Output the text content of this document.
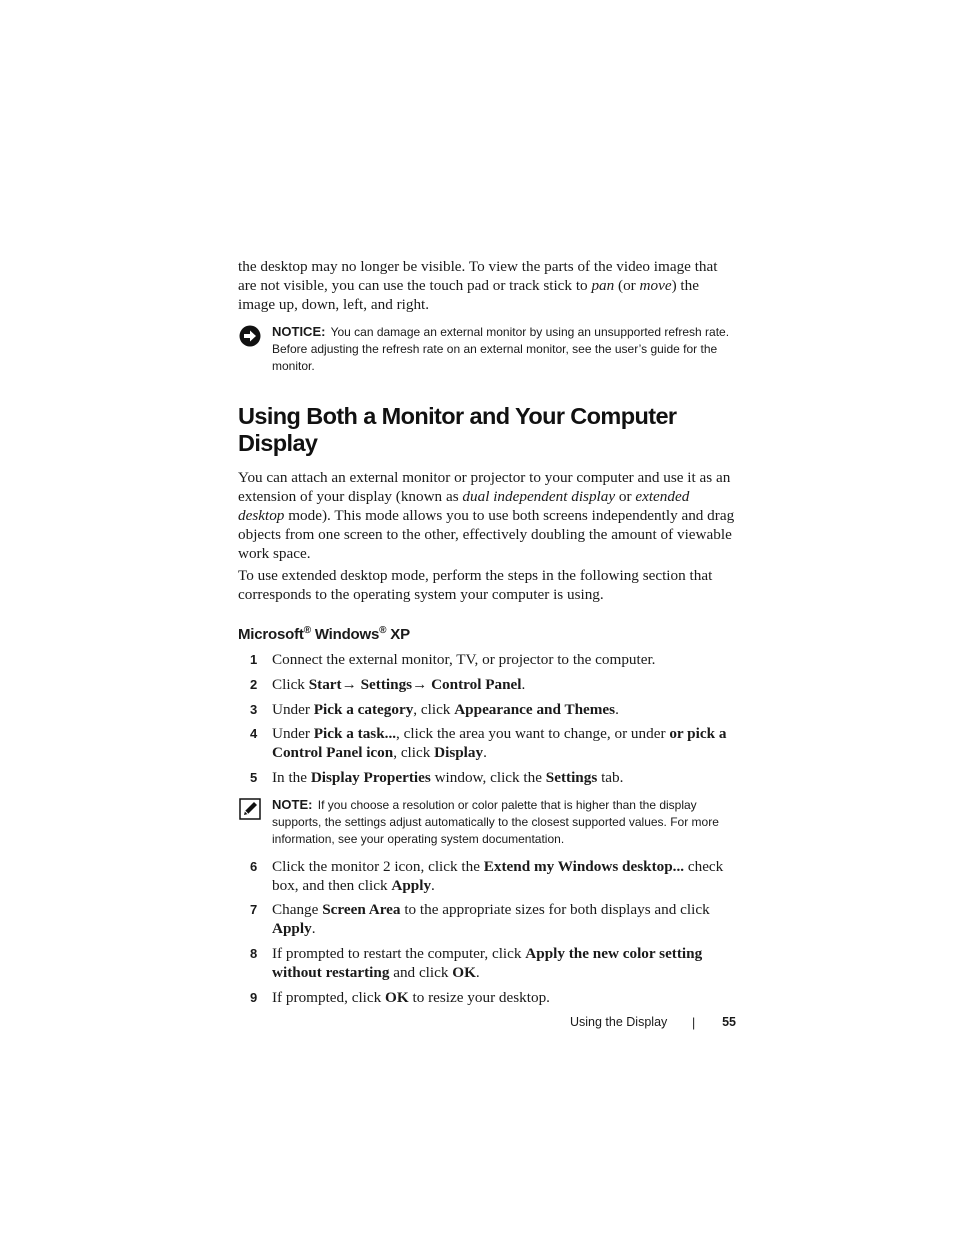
the desktop may no longer be visible. To view the parts of the video image that are not visible, you can use the touch pad or track stick to pan (or move) the image up, down, left, and right.

NOTICE: You can damage an external monitor by using an unsupported refresh rate. Before adjusting the refresh rate on an external monitor, see the user’s guide for the monitor.
Using Both a Monitor and Your Computer Display

You can attach an external monitor or projector to your computer and use it as an extension of your display (known as dual independent display or extended desktop mode). This mode allows you to use both screens independently and drag objects from one screen to the other, effectively doubling the amount of viewable work space.

To use extended desktop mode, perform the steps in the following section that corresponds to the operating system your computer is using.

Microsoft® Windows® XP
1 Connect the external monitor, TV, or projector to the computer.
2 Click Start→ Settings→ Control Panel.
3 Under Pick a category, click Appearance and Themes.
4 Under Pick a task..., click the area you want to change, or under or pick a Control Panel icon, click Display.
5 In the Display Properties window, click the Settings tab.
NOTE: If you choose a resolution or color palette that is higher than the display supports, the settings adjust automatically to the closest supported values. For more information, see your operating system documentation.
6 Click the monitor 2 icon, click the Extend my Windows desktop... check box, and then click Apply.
7 Change Screen Area to the appropriate sizes for both displays and click Apply.
8 If prompted to restart the computer, click Apply the new color setting without restarting and click OK.
9 If prompted, click OK to resize your desktop.
Using the Display | 55
